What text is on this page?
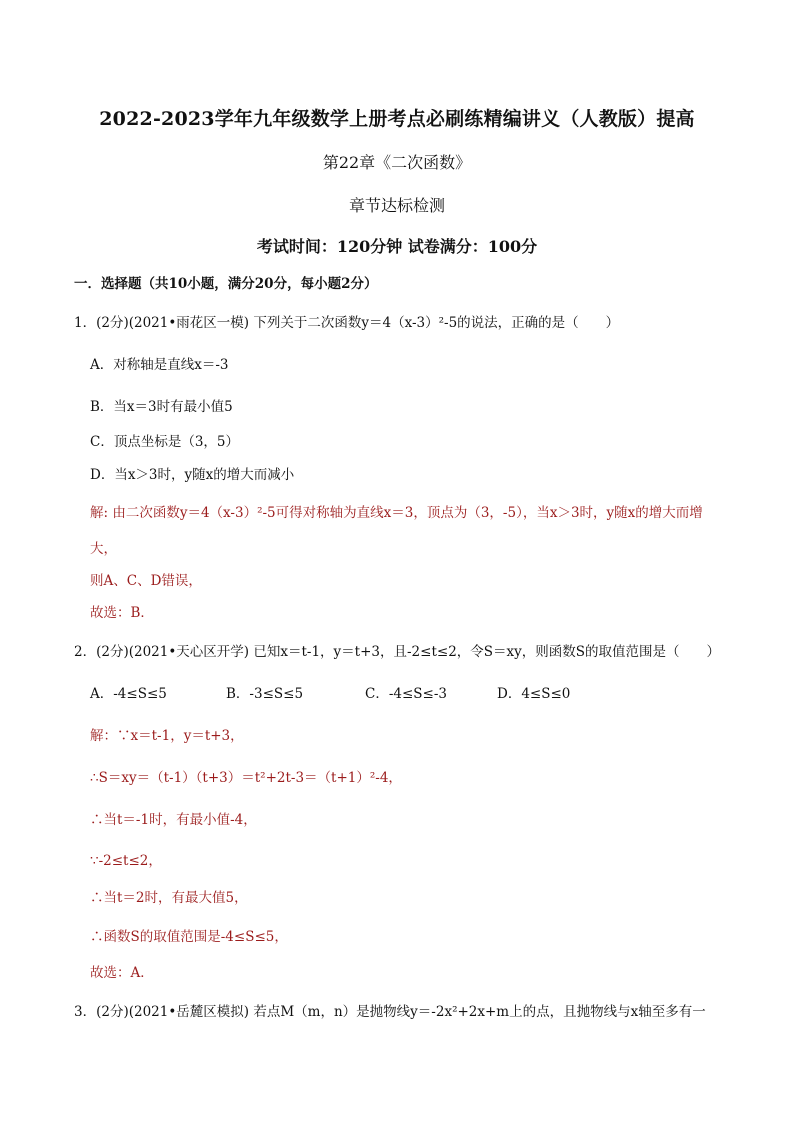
2022-2023学年九年级数学上册考点必刷练精编讲义（人教版）提高
第22章《二次函数》
章节达标检测
考试时间：120分钟 试卷满分：100分
一．选择题（共10小题，满分20分，每小题2分）
1．(2分)(2021•雨花区一模) 下列关于二次函数y＝4（x-3）²-5的说法，正确的是（　　）
A．对称轴是直线x＝-3
B．当x＝3时有最小值5
C．顶点坐标是（3，5）
D．当x＞3时，y随x的增大而减小
解: 由二次函数y＝4（x-3）²-5可得对称轴为直线x＝3，顶点为（3，-5），当x＞3时，y随x的增大而增
大，
则A、C、D错误，
故选：B．
2．(2分)(2021•天心区开学) 已知x＝t-1，y＝t+3，且-2≤t≤2，令S＝xy，则函数S的取值范围是（　　）
A．-4≤S≤5	B．-3≤S≤5	C．-4≤S≤-3	D．4≤S≤0
解：∵x＝t-1，y＝t+3，
∴S＝xy＝（t-1）（t+3）＝t²+2t-3＝（t+1）²-4，
∴当t＝-1时，有最小值-4，
∵-2≤t≤2，
∴当t＝2时，有最大值5，
∴函数S的取值范围是-4≤S≤5，
故选：A．
3．(2分)(2021•岳麓区模拟) 若点M（m，n）是抛物线y＝-2x²+2x+m上的点，且抛物线与x轴至多有一
